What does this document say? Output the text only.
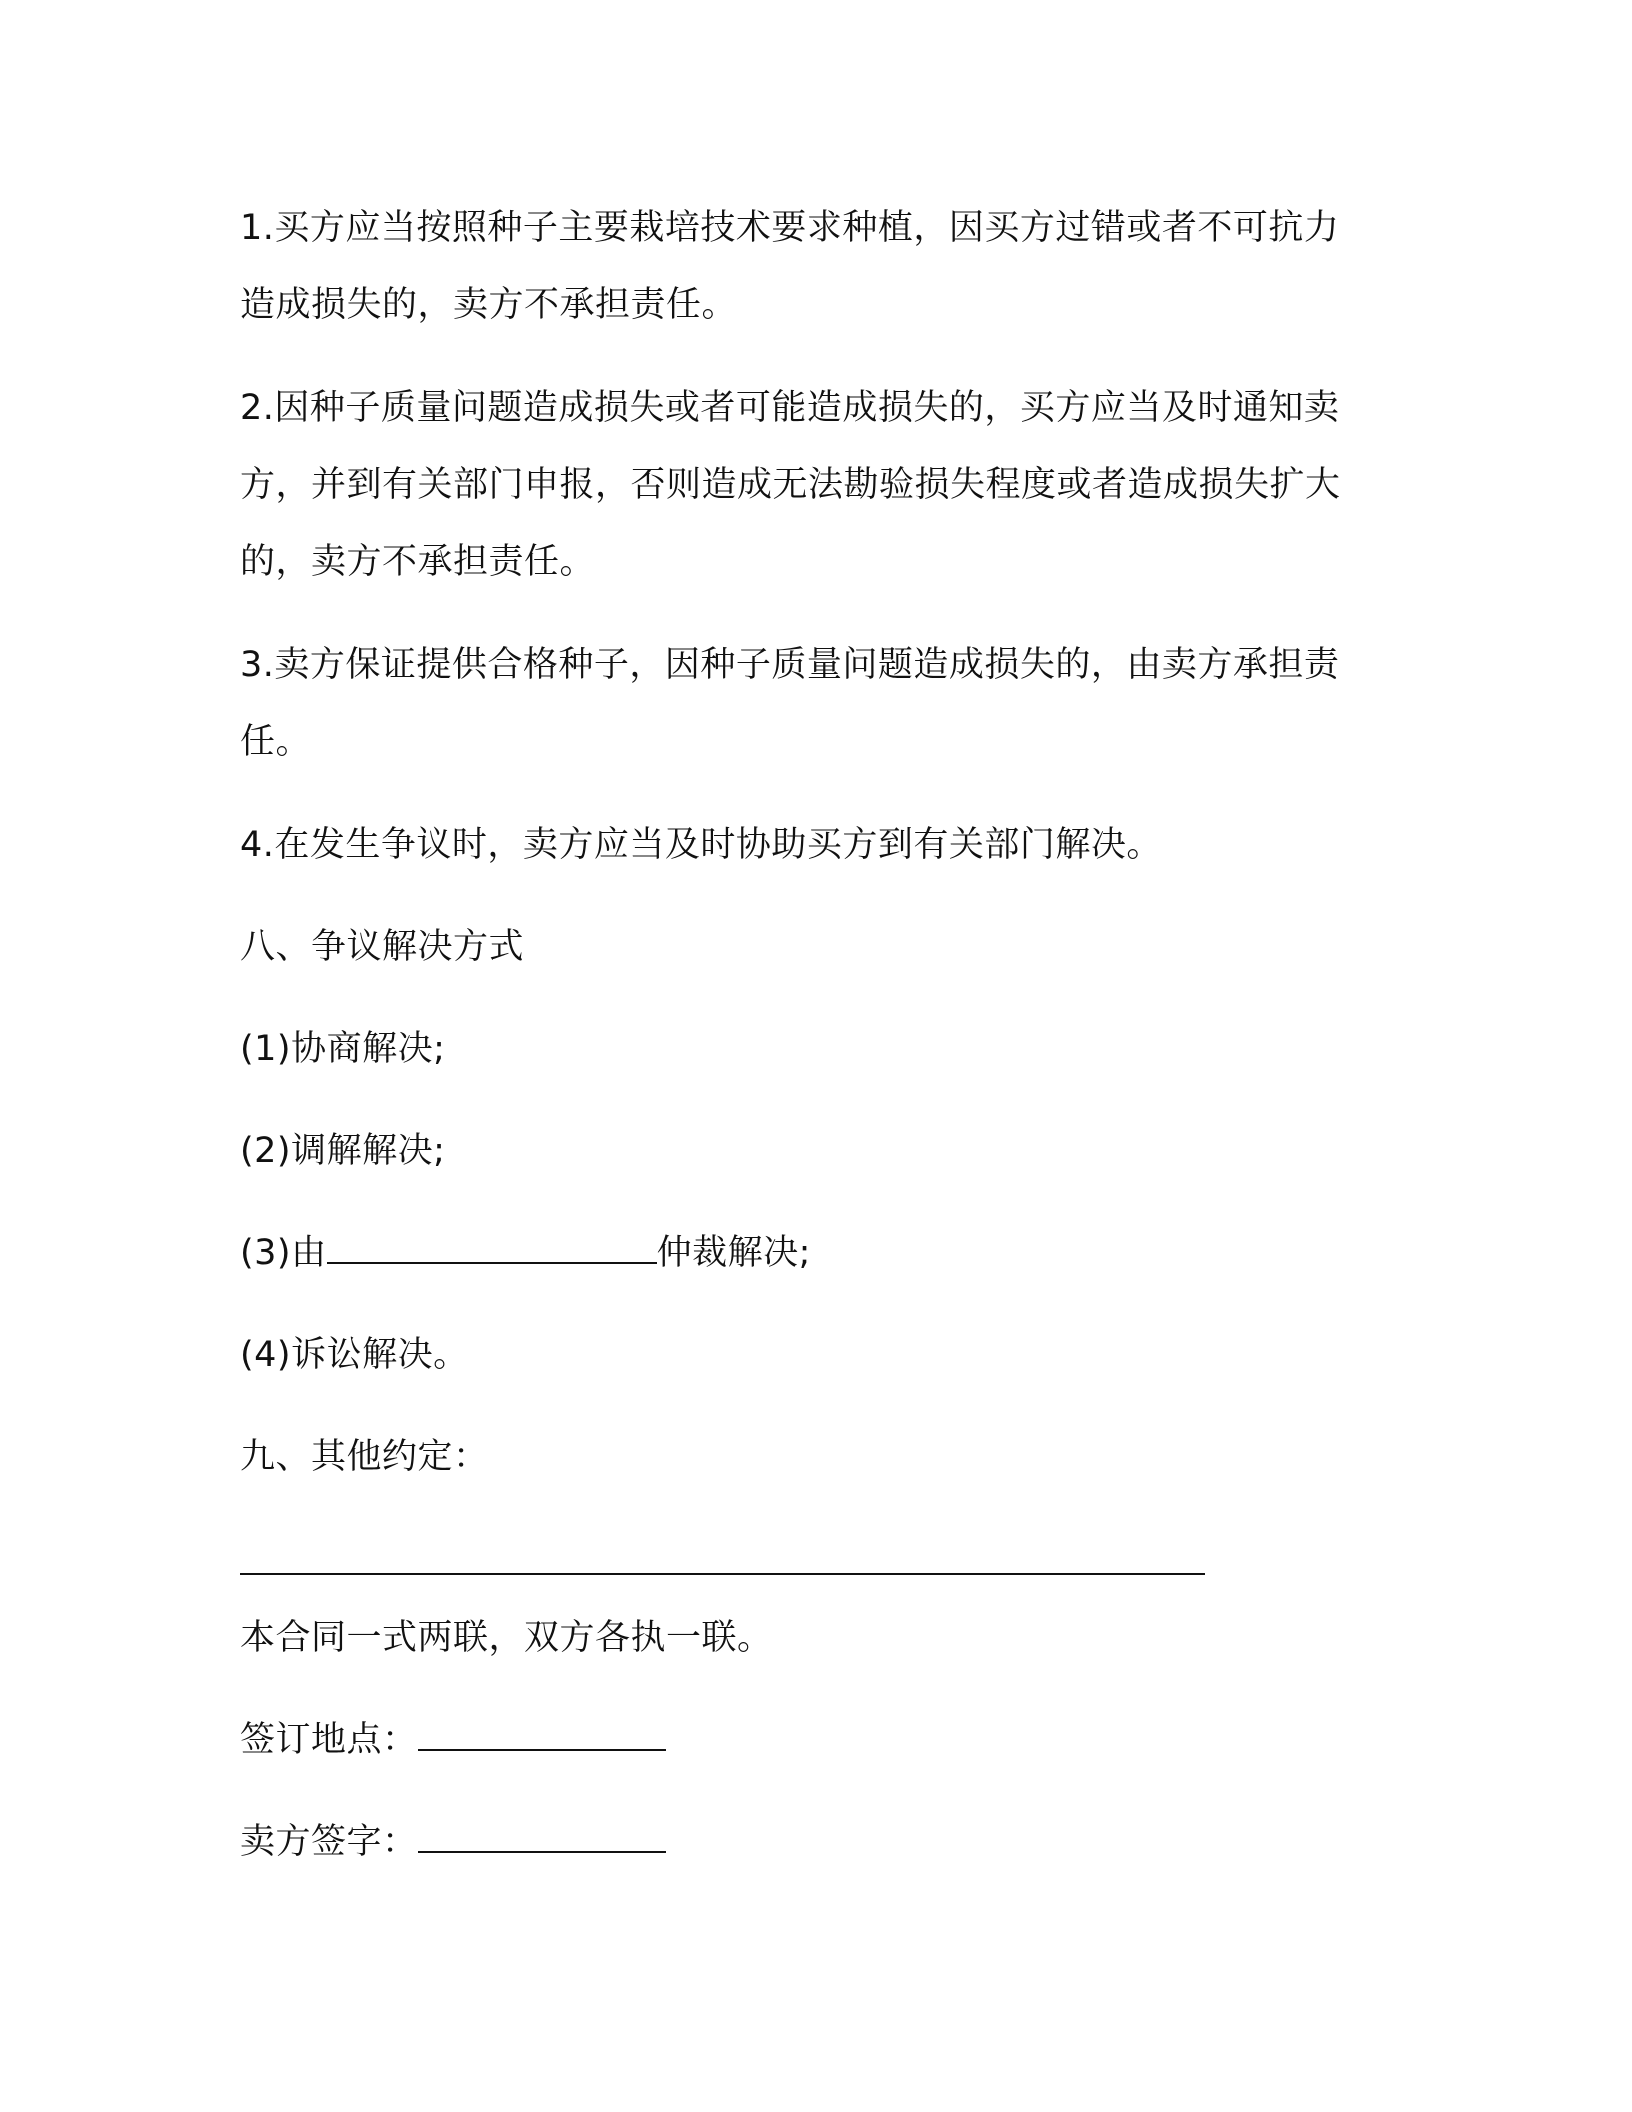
1.买方应当按照种子主要栽培技术要求种植，因买方过错或者不可抗力造成损失的，卖方不承担责任。

2.因种子质量问题造成损失或者可能造成损失的，买方应当及时通知卖方，并到有关部门申报，否则造成无法勘验损失程度或者造成损失扩大的，卖方不承担责任。

3.卖方保证提供合格种子，因种子质量问题造成损失的，由卖方承担责任。

4.在发生争议时，卖方应当及时协助买方到有关部门解决。

八、争议解决方式

(1)协商解决;

(2)调解解决;

(3)由	仲裁解决;

(4)诉讼解决。

九、其他约定：

本合同一式两联，双方各执一联。

签订地点：

卖方签字：
